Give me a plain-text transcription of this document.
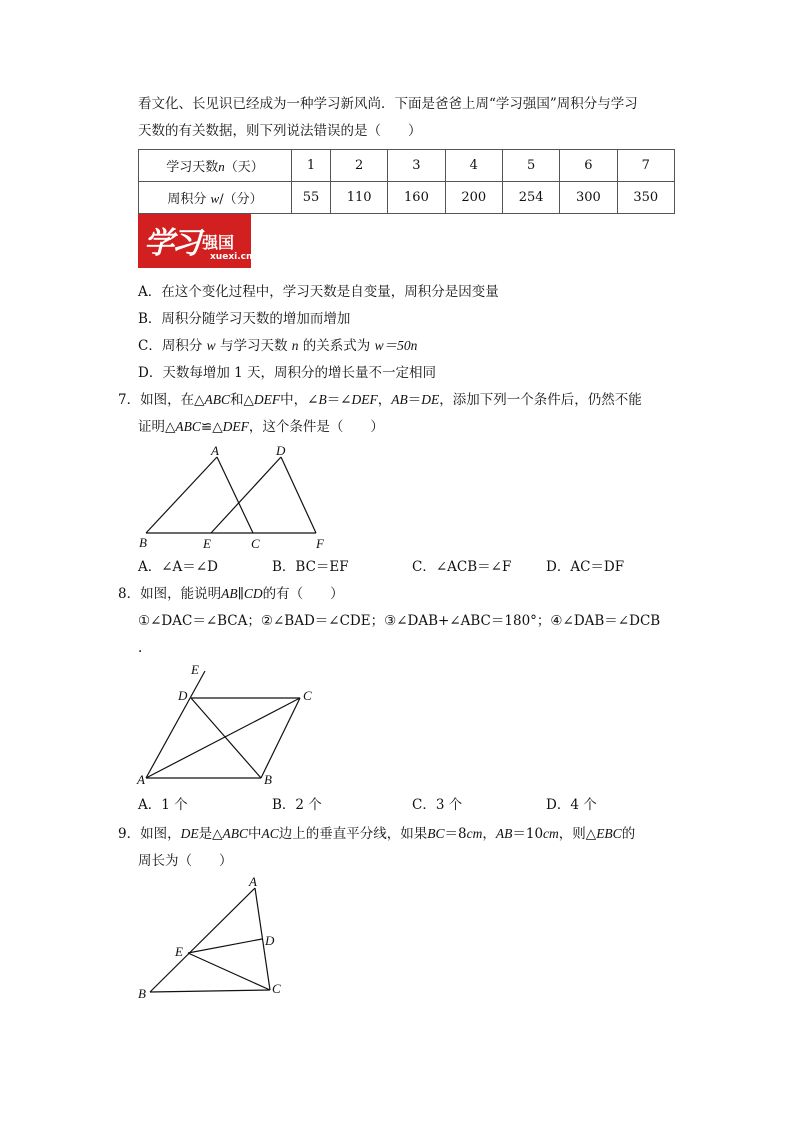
看文化、长见识已经成为一种学习新风尚．下面是爸爸上周“学习强国”周积分与学习
天数的有关数据，则下列说法错误的是（　　）
学习天数n（天）	1	2	3	4	5	6	7
周积分 w/（分）	55	110	160	200	254	300	350
学习 强国
xuexi.cn
A．在这个变化过程中，学习天数是自变量，周积分是因变量
B．周积分随学习天数的增加而增加
C．周积分 w 与学习天数 n 的关系式为 w＝50n
D．天数每增加 1 天，周积分的增长量不一定相同
7．如图，在△ABC和△DEF中，∠B＝∠DEF，AB＝DE，添加下列一个条件后，仍然不能
证明△ABC≌△DEF，这个条件是（　　）
A	D
B	E	C	F
A．∠A＝∠D	B．BC＝EF	C．∠ACB＝∠F	D．AC＝DF
8．如图，能说明AB∥CD的有（　　）
①∠DAC＝∠BCA；②∠BAD＝∠CDE；③∠DAB+∠ABC＝180°；④∠DAB＝∠DCB
.
E
D	C
A	B
A．1 个	B．2 个	C．3 个	D．4 个
9．如图，DE是△ABC中AC边上的垂直平分线，如果BC＝8cm，AB＝10cm，则△EBC的
周长为（　　）
A
D
E
B	C
